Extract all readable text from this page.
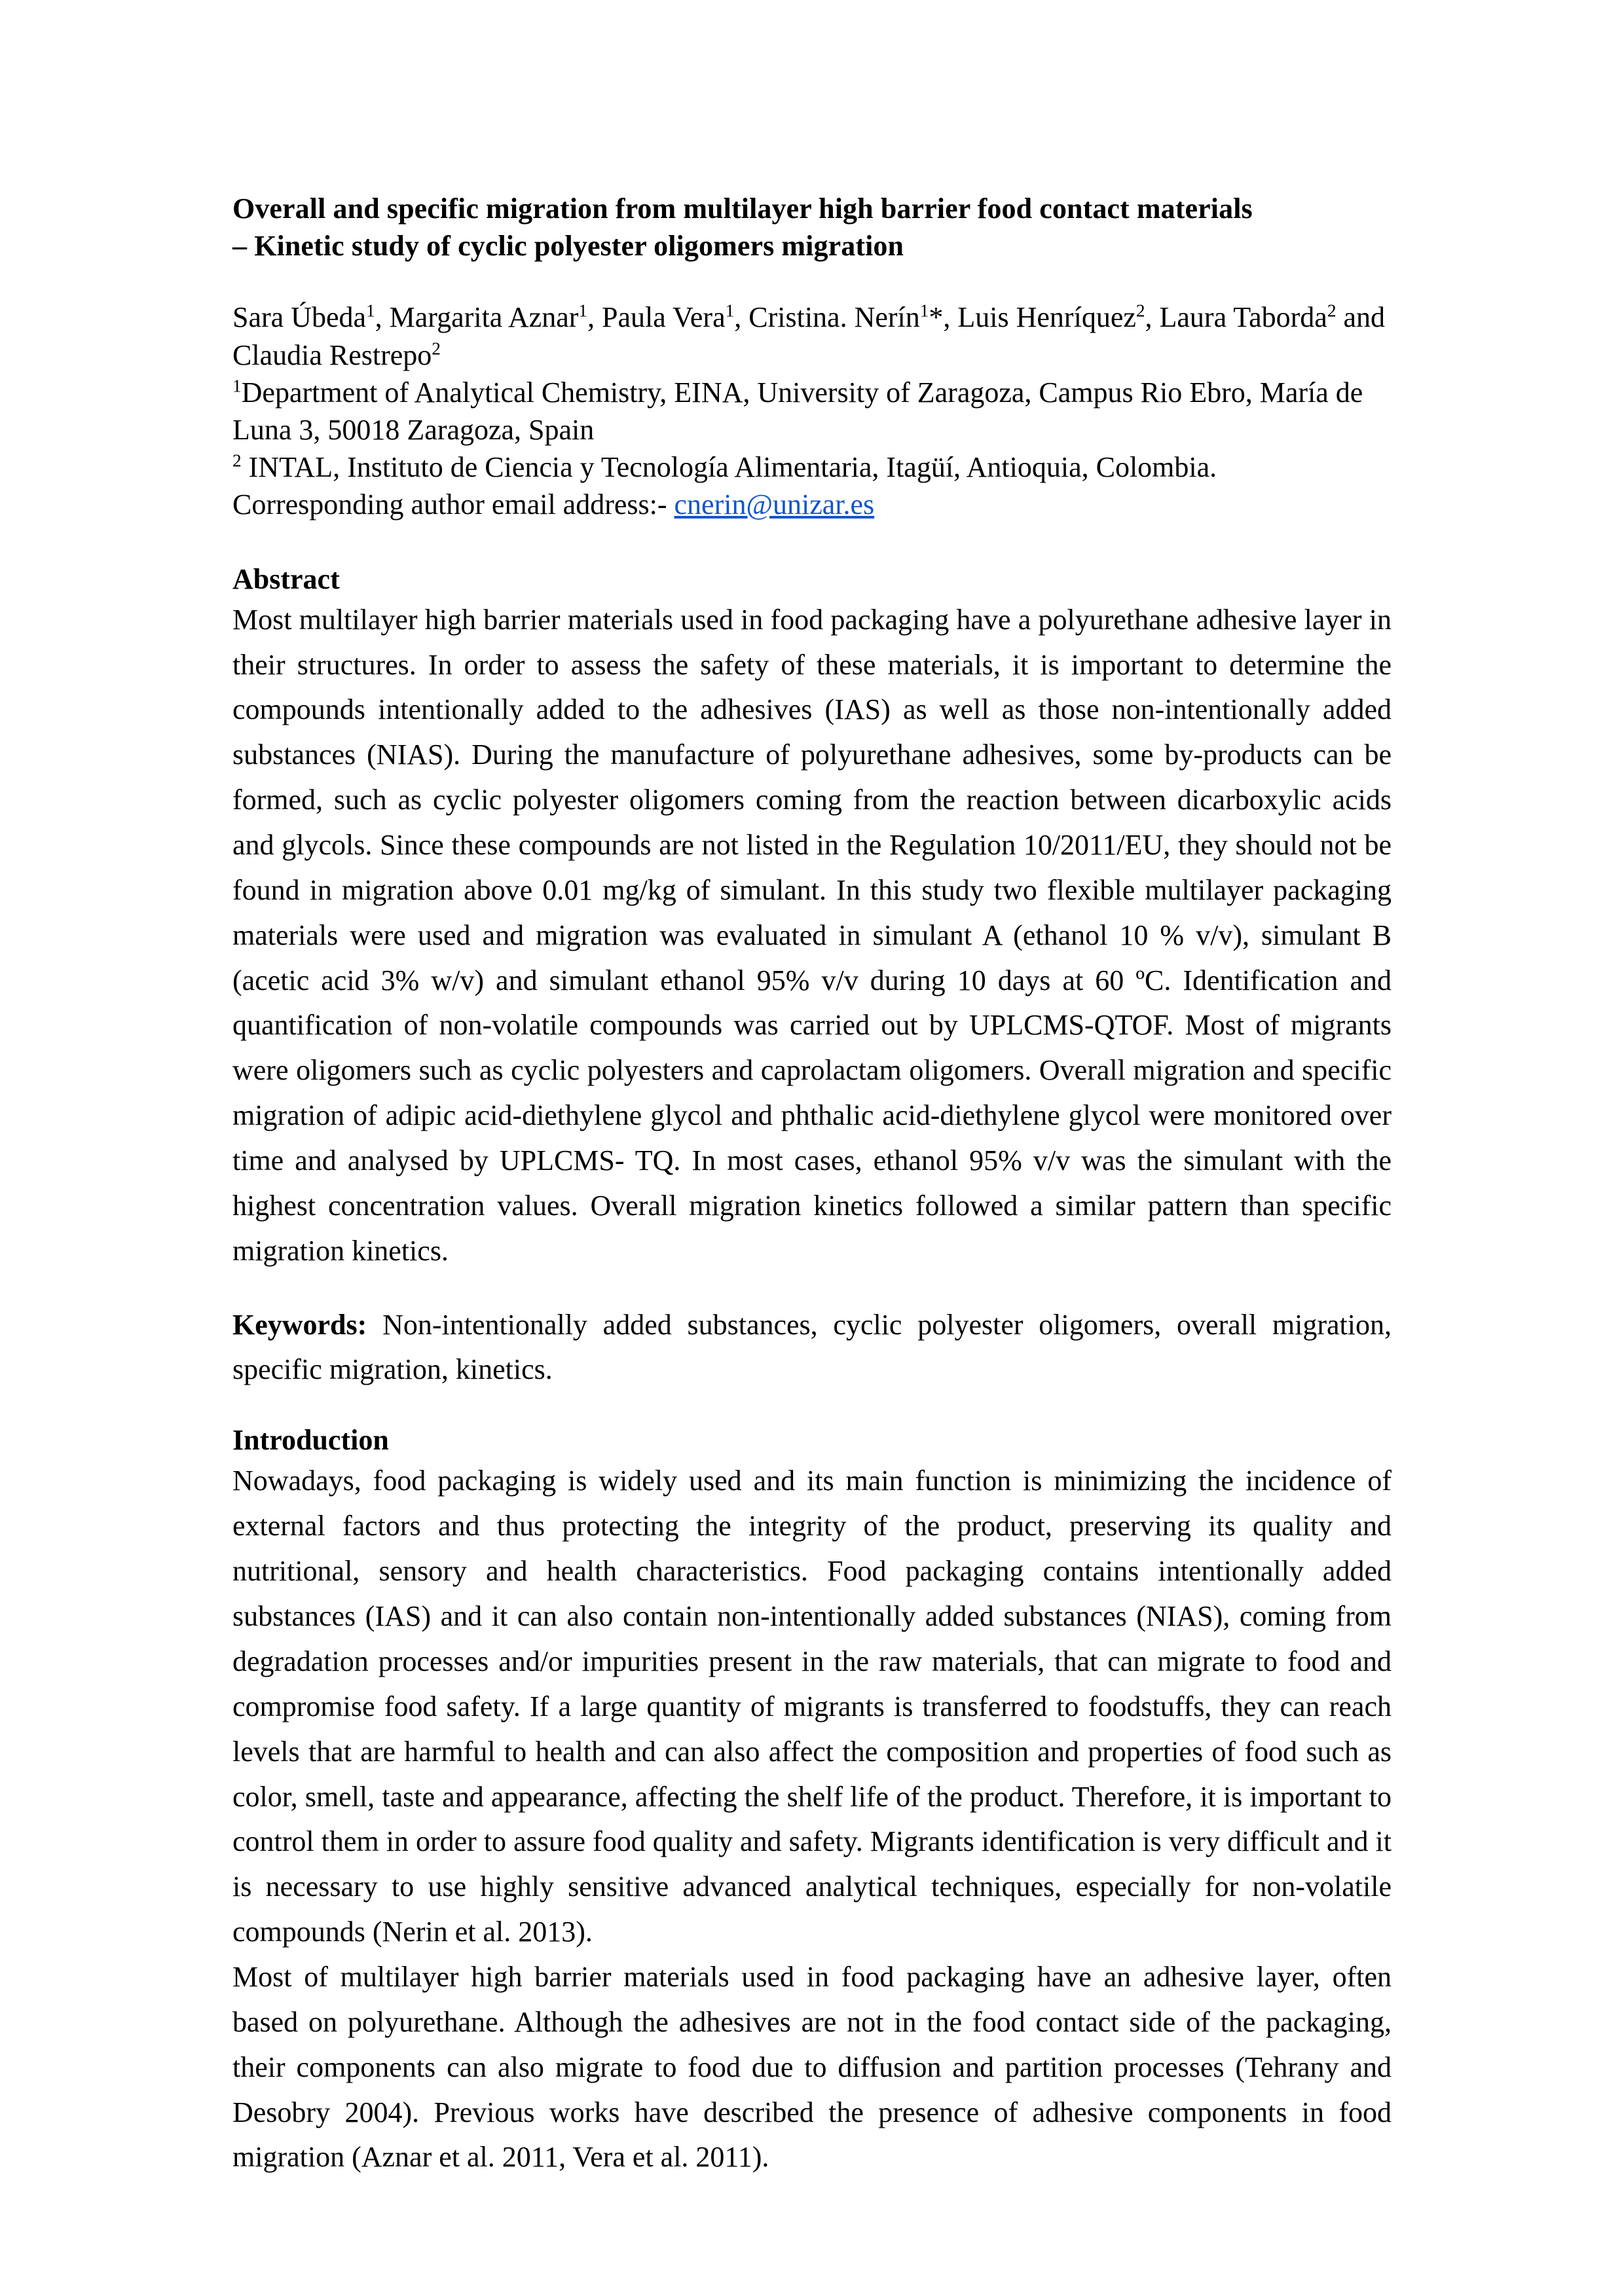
Overall and specific migration from multilayer high barrier food contact materials
– Kinetic study of cyclic polyester oligomers migration

Sara Úbeda$^1$, Margarita Aznar$^1$, Paula Vera$^1$, Cristina. Nerín$^1$*, Luis Henríquez$^2$, Laura Taborda$^2$ and Claudia Restrepo$^2$

$^1$Department of Analytical Chemistry, EINA, University of Zaragoza, Campus Rio Ebro, María de Luna 3, 50018 Zaragoza, Spain

$^2$ INTAL, Instituto de Ciencia y Tecnología Alimentaria, Itagüí, Antioquia, Colombia.

Corresponding author email address:- cnerin@unizar.es

Abstract

Most multilayer high barrier materials used in food packaging have a polyurethane adhesive layer in their structures. In order to assess the safety of these materials, it is important to determine the compounds intentionally added to the adhesives (IAS) as well as those non-intentionally added substances (NIAS). During the manufacture of polyurethane adhesives, some by-products can be formed, such as cyclic polyester oligomers coming from the reaction between dicarboxylic acids and glycols. Since these compounds are not listed in the Regulation 10/2011/EU, they should not be found in migration above 0.01 mg/kg of simulant. In this study two flexible multilayer packaging materials were used and migration was evaluated in simulant A (ethanol 10 % v/v), simulant B (acetic acid 3% w/v) and simulant ethanol 95% v/v during 10 days at 60 ºC. Identification and quantification of non-volatile compounds was carried out by UPLCMS-QTOF. Most of migrants were oligomers such as cyclic polyesters and caprolactam oligomers. Overall migration and specific migration of adipic acid-diethylene glycol and phthalic acid-diethylene glycol were monitored over time and analysed by UPLCMS- TQ. In most cases, ethanol 95% v/v was the simulant with the highest concentration values. Overall migration kinetics followed a similar pattern than specific migration kinetics.

Keywords: Non-intentionally added substances, cyclic polyester oligomers, overall migration, specific migration, kinetics.

Introduction

Nowadays, food packaging is widely used and its main function is minimizing the incidence of external factors and thus protecting the integrity of the product, preserving its quality and nutritional, sensory and health characteristics. Food packaging contains intentionally added substances (IAS) and it can also contain non-intentionally added substances (NIAS), coming from degradation processes and/or impurities present in the raw materials, that can migrate to food and compromise food safety. If a large quantity of migrants is transferred to foodstuffs, they can reach levels that are harmful to health and can also affect the composition and properties of food such as color, smell, taste and appearance, affecting the shelf life of the product. Therefore, it is important to control them in order to assure food quality and safety. Migrants identification is very difficult and it is necessary to use highly sensitive advanced analytical techniques, especially for non-volatile compounds (Nerin et al. 2013).

Most of multilayer high barrier materials used in food packaging have an adhesive layer, often based on polyurethane. Although the adhesives are not in the food contact side of the packaging, their components can also migrate to food due to diffusion and partition processes (Tehrany and Desobry 2004). Previous works have described the presence of adhesive components in food migration (Aznar et al. 2011, Vera et al. 2011).
